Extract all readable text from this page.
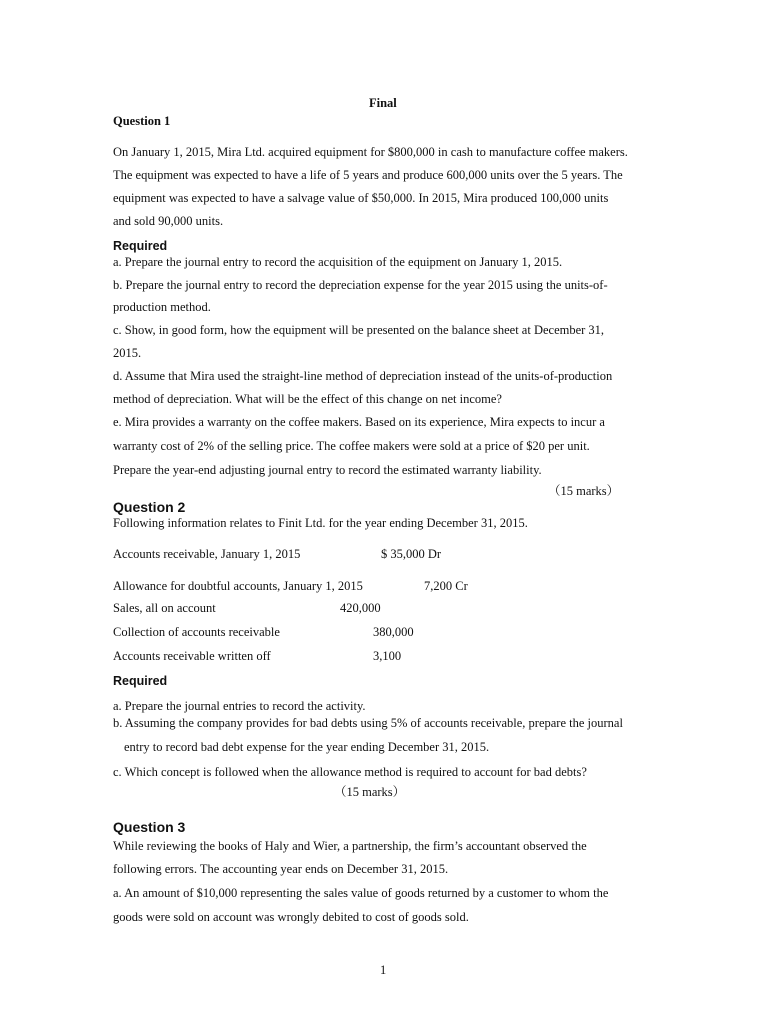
Final
Question 1
On January 1, 2015, Mira Ltd. acquired equipment for $800,000 in cash to manufacture coffee makers.
The equipment was expected to have a life of 5 years and produce 600,000 units over the 5 years. The
equipment was expected to have a salvage value of $50,000. In 2015, Mira produced 100,000 units
and sold 90,000 units.
Required
a. Prepare the journal entry to record the acquisition of the equipment on January 1, 2015.
b. Prepare the journal entry to record the depreciation expense for the year 2015 using the units-of-
production method.
c. Show, in good form, how the equipment will be presented on the balance sheet at December 31,
2015.
d. Assume that Mira used the straight-line method of depreciation instead of the units-of-production
method of depreciation. What will be the effect of this change on net income?
e. Mira provides a warranty on the coffee makers. Based on its experience, Mira expects to incur a
warranty cost of 2% of the selling price. The coffee makers were sold at a price of $20 per unit.
Prepare the year-end adjusting journal entry to record the estimated warranty liability.
（15 marks）
Question 2
Following information relates to Finit Ltd. for the year ending December 31, 2015.
Accounts receivable, January 1, 2015	$ 35,000 Dr
Allowance for doubtful accounts, January 1, 2015	7,200 Cr
Sales, all on account	420,000
Collection of accounts receivable	380,000
Accounts receivable written off	3,100
Required
a. Prepare the journal entries to record the activity.
b. Assuming the company provides for bad debts using 5% of accounts receivable, prepare the journal
entry to record bad debt expense for the year ending December 31, 2015.
c. Which concept is followed when the allowance method is required to account for bad debts?
（15 marks）
Question 3
While reviewing the books of Haly and Wier, a partnership, the firm’s accountant observed the
following errors. The accounting year ends on December 31, 2015.
a. An amount of $10,000 representing the sales value of goods returned by a customer to whom the
goods were sold on account was wrongly debited to cost of goods sold.
1
